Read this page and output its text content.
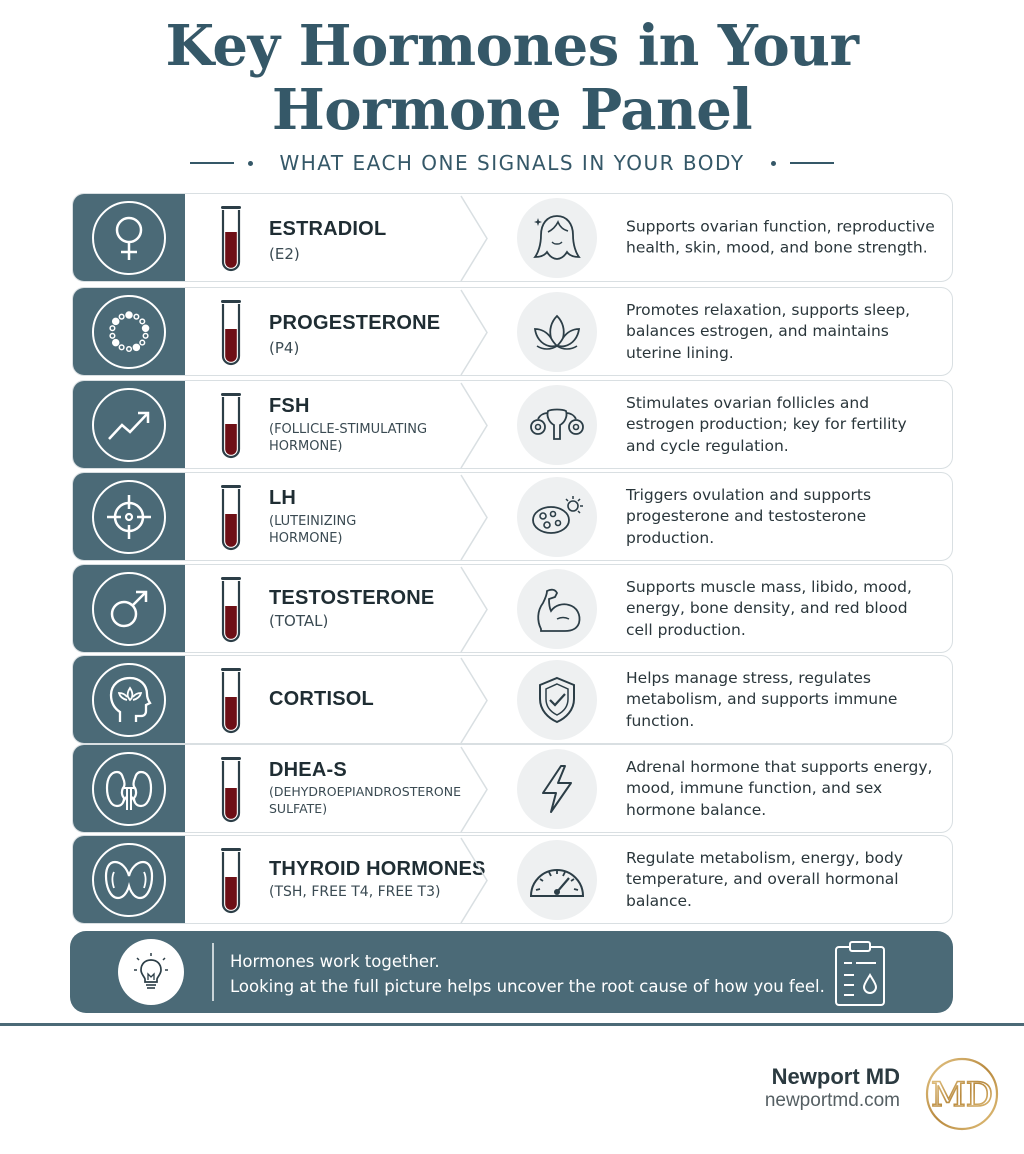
Key Hormones in Your
Hormone Panel
WHAT EACH ONE SIGNALS IN YOUR BODY
ESTRADIOL
(E2)
Supports ovarian function, reproductive health, skin, mood, and bone strength.
PROGESTERONE
(P4)
Promotes relaxation, supports sleep, balances estrogen, and maintains uterine lining.
FSH
(FOLLICLE-STIMULATING HORMONE)
Stimulates ovarian follicles and estrogen production; key for fertility and cycle regulation.
LH
(LUTEINIZING HORMONE)
Triggers ovulation and supports progesterone and testosterone production.
TESTOSTERONE
(TOTAL)
Supports muscle mass, libido, mood, energy, bone density, and red blood cell production.
CORTISOL
Helps manage stress, regulates metabolism, and supports immune function.
DHEA-S
(DEHYDROEPIANDROSTERONE SULFATE)
Adrenal hormone that supports energy, mood, immune function, and sex hormone balance.
THYROID HORMONES
(TSH, FREE T4, FREE T3)
Regulate metabolism, energy, body temperature, and overall hormonal balance.
Hormones work together.
Looking at the full picture helps uncover the root cause of how you feel.
Newport MD
newportmd.com MD
